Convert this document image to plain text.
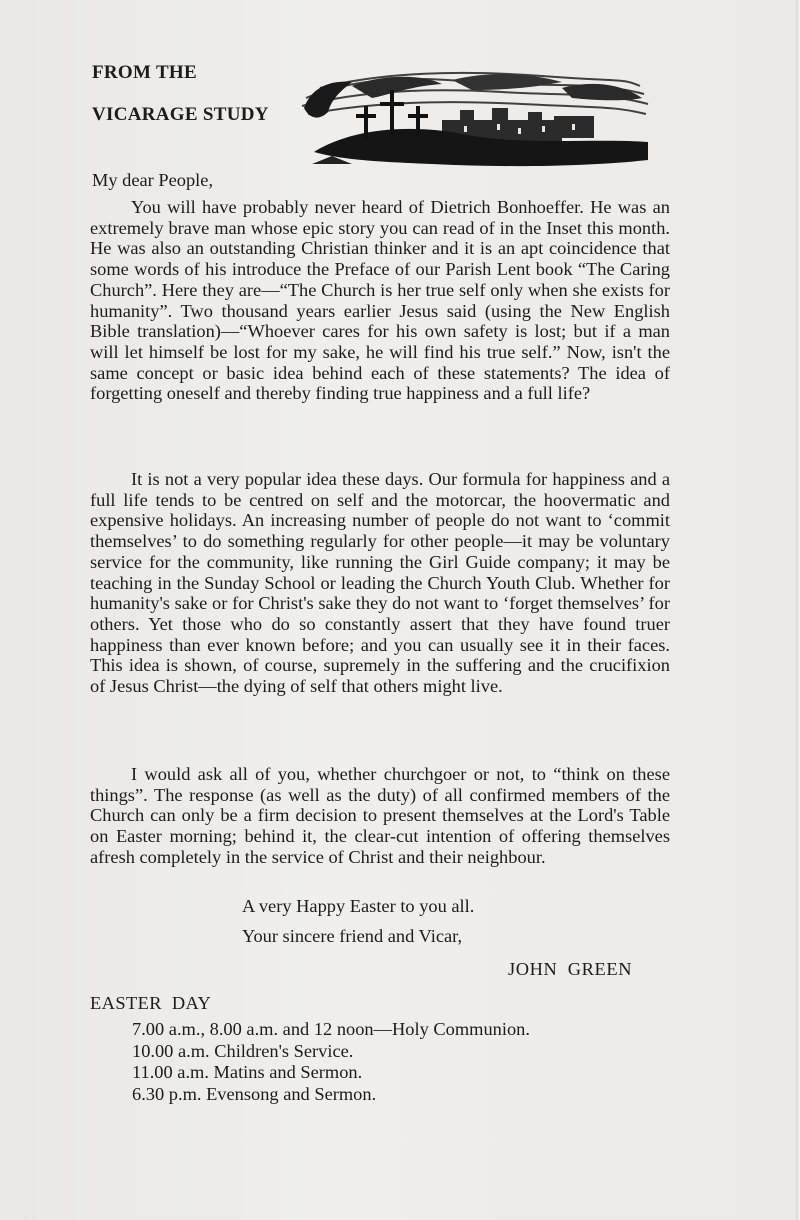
FROM THE
VICARAGE STUDY
My dear People,

You will have probably never heard of Dietrich Bonhoeffer. He was an extremely brave man whose epic story you can read of in the Inset this month. He was also an outstanding Christian thinker and it is an apt coincidence that some words of his introduce the Preface of our Parish Lent book “The Caring Church”. Here they are—“The Church is her true self only when she exists for humanity”. Two thousand years earlier Jesus said (using the New English Bible translation)—“Whoever cares for his own safety is lost; but if a man will let himself be lost for my sake, he will find his true self.” Now, isn't the same concept or basic idea behind each of these statements? The idea of forgetting oneself and thereby finding true happiness and a full life?

It is not a very popular idea these days. Our formula for happiness and a full life tends to be centred on self and the motorcar, the hoovermatic and expensive holidays. An increasing number of people do not want to ‘commit themselves’ to do something regularly for other people—it may be voluntary service for the community, like running the Girl Guide company; it may be teaching in the Sunday School or leading the Church Youth Club. Whether for humanity's sake or for Christ's sake they do not want to ‘forget themselves’ for others. Yet those who do so constantly assert that they have found truer happiness than ever known before; and you can usually see it in their faces. This idea is shown, of course, supremely in the suffering and the crucifixion of Jesus Christ—the dying of self that others might live.

I would ask all of you, whether churchgoer or not, to “think on these things”. The response (as well as the duty) of all confirmed members of the Church can only be a firm decision to present themselves at the Lord's Table on Easter morning; behind it, the clear-cut intention of offering themselves afresh completely in the service of Christ and their neighbour.

A very Happy Easter to you all.
Your sincere friend and Vicar,
JOHN  GREEN
EASTER  DAY
7.00 a.m., 8.00 a.m. and 12 noon—Holy Communion.
10.00 a.m. Children's Service.
11.00 a.m. Matins and Sermon.
6.30 p.m. Evensong and Sermon.
